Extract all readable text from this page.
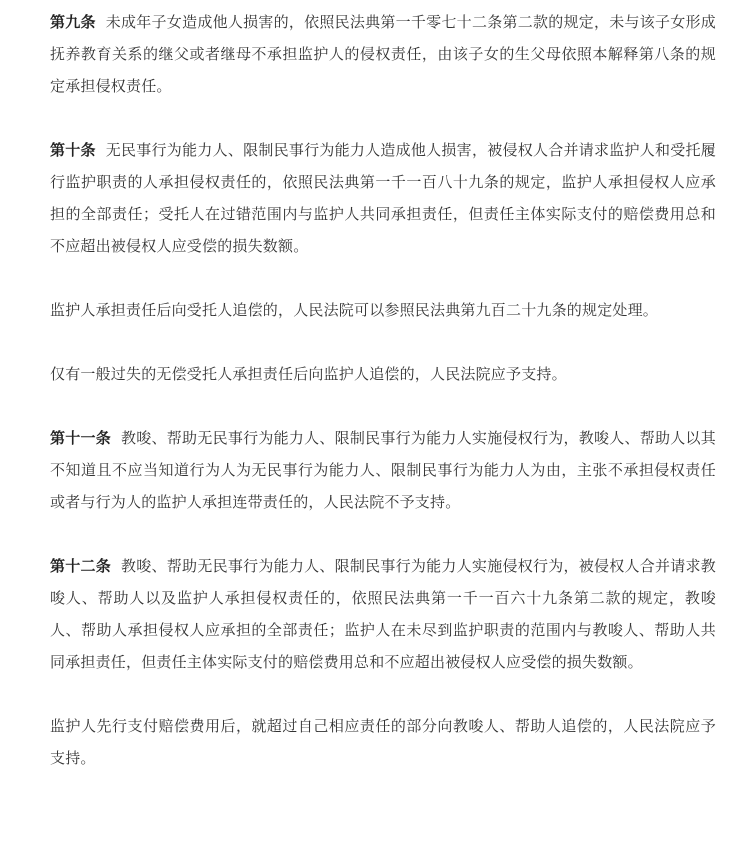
第九条 未成年子女造成他人损害的，依照民法典第一千零七十二条第二款的规定，未与该子女形成抚养教育关系的继父或者继母不承担监护人的侵权责任，由该子女的生父母依照本解释第八条的规定承担侵权责任。

第十条 无民事行为能力人、限制民事行为能力人造成他人损害，被侵权人合并请求监护人和受托履行监护职责的人承担侵权责任的，依照民法典第一千一百八十九条的规定，监护人承担侵权人应承担的全部责任；受托人在过错范围内与监护人共同承担责任，但责任主体实际支付的赔偿费用总和不应超出被侵权人应受偿的损失数额。

监护人承担责任后向受托人追偿的，人民法院可以参照民法典第九百二十九条的规定处理。

仅有一般过失的无偿受托人承担责任后向监护人追偿的，人民法院应予支持。

第十一条 教唆、帮助无民事行为能力人、限制民事行为能力人实施侵权行为，教唆人、帮助人以其不知道且不应当知道行为人为无民事行为能力人、限制民事行为能力人为由，主张不承担侵权责任或者与行为人的监护人承担连带责任的，人民法院不予支持。

第十二条 教唆、帮助无民事行为能力人、限制民事行为能力人实施侵权行为，被侵权人合并请求教唆人、帮助人以及监护人承担侵权责任的，依照民法典第一千一百六十九条第二款的规定，教唆人、帮助人承担侵权人应承担的全部责任；监护人在未尽到监护职责的范围内与教唆人、帮助人共同承担责任，但责任主体实际支付的赔偿费用总和不应超出被侵权人应受偿的损失数额。

监护人先行支付赔偿费用后，就超过自己相应责任的部分向教唆人、帮助人追偿的，人民法院应予支持。
